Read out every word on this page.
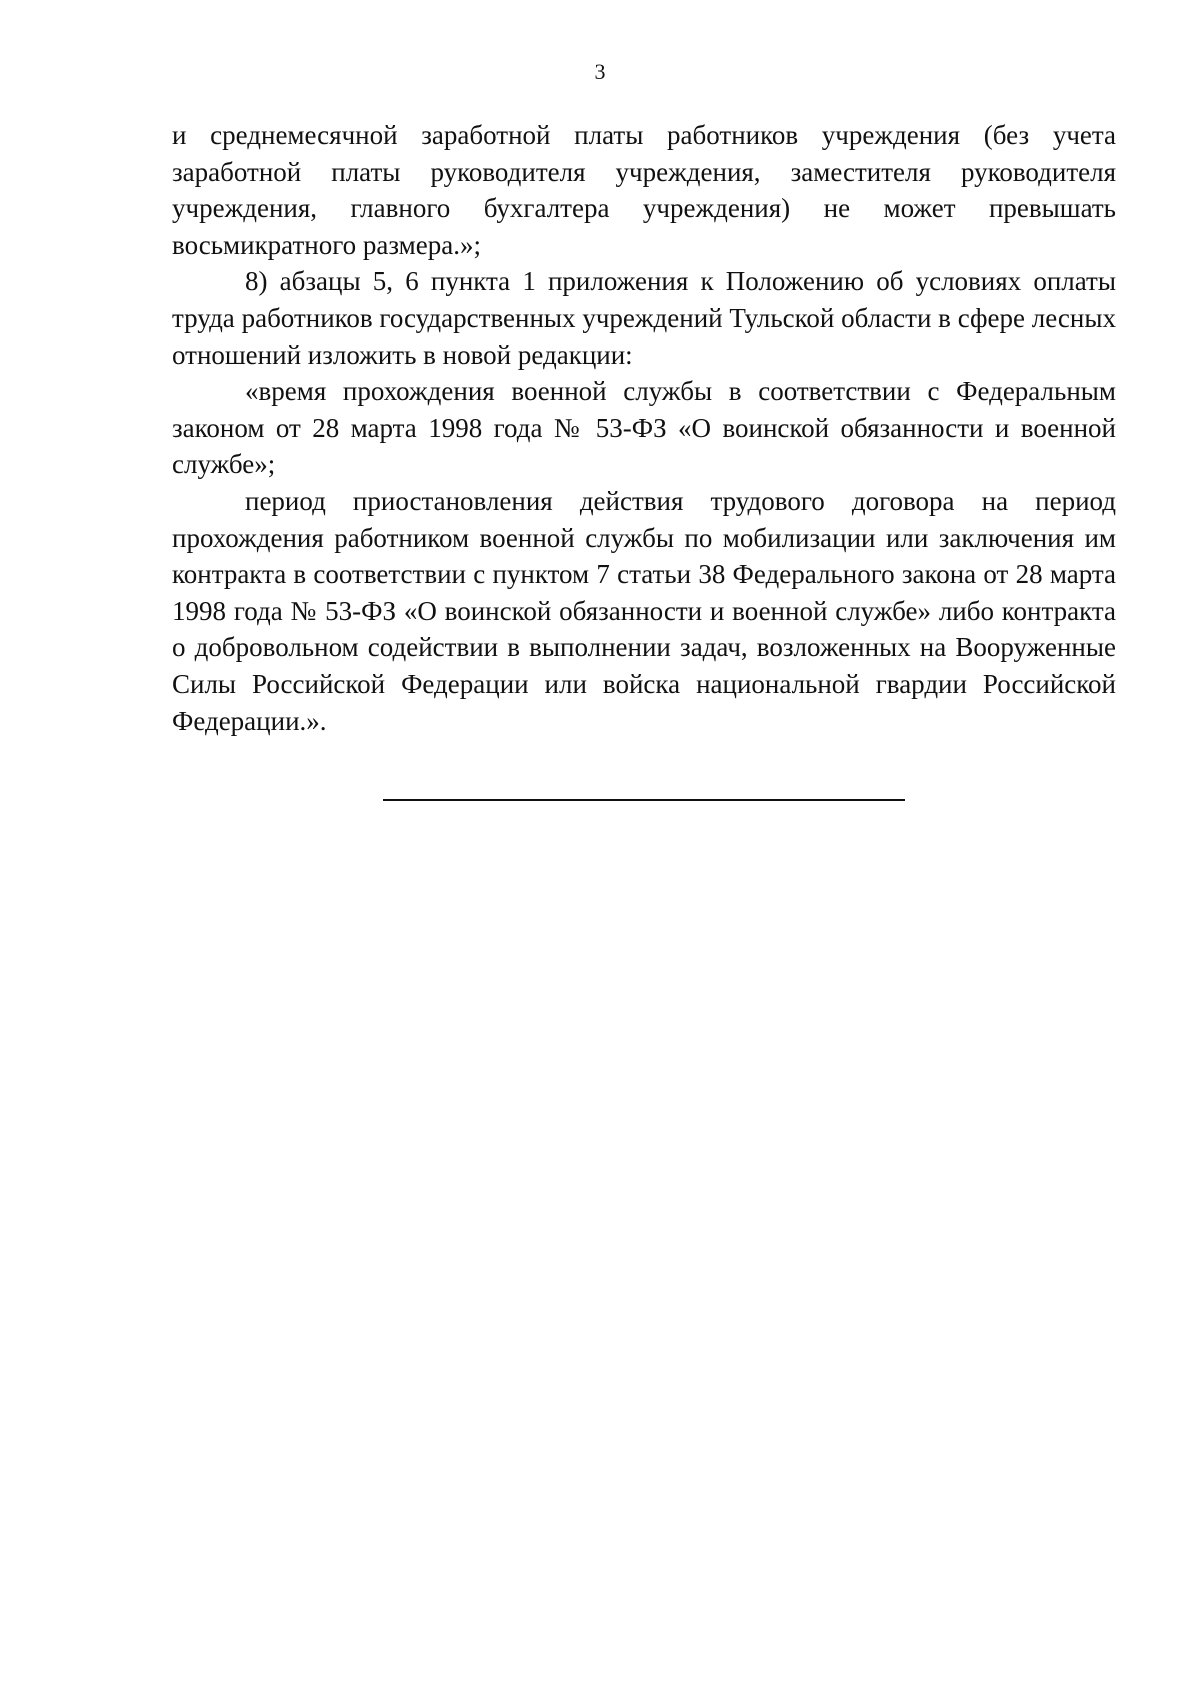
3

и среднемесячной заработной платы работников учреждения (без учета заработной платы руководителя учреждения, заместителя руководителя учреждения, главного бухгалтера учреждения) не может превышать восьмикратного размера.»;

8) абзацы 5, 6 пункта 1 приложения к Положению об условиях оплаты труда работников государственных учреждений Тульской области в сфере лесных отношений изложить в новой редакции:

«время прохождения военной службы в соответствии с Федеральным законом от 28 марта 1998 года № 53-ФЗ «О воинской обязанности и военной службе»;

период приостановления действия трудового договора на период прохождения работником военной службы по мобилизации или заключения им контракта в соответствии с пунктом 7 статьи 38 Федерального закона от 28 марта 1998 года № 53-ФЗ «О воинской обязанности и военной службе» либо контракта о добровольном содействии в выполнении задач, возложенных на Вооруженные Силы Российской Федерации или войска национальной гвардии Российской Федерации.».
